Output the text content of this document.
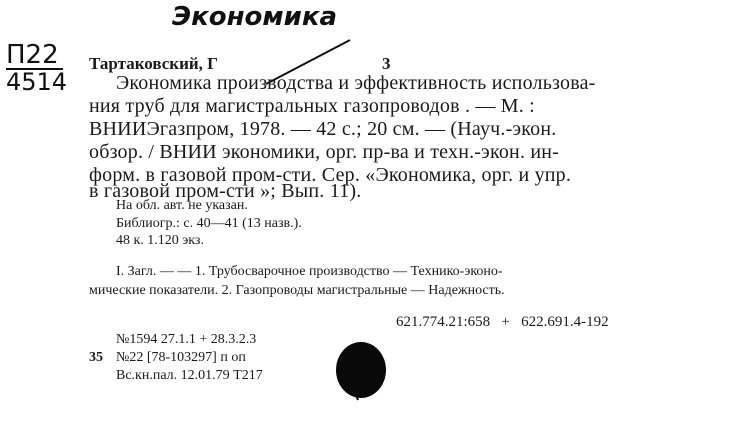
Экономика
П22
4514
Тартаковский, Г	3
Экономика производства и эффективность использова-
ния труб для магистральных газопроводов . — М. :
ВНИИЭгазпром, 1978. — 42 с.; 20 см. — (Науч.-экон.
обзор. / ВНИИ экономики, орг. пр-ва и техн.-экон. ин-
форм. в газовой пром-сти. Сер. «Экономика, орг. и упр.
в газовой пром-сти »; Вып. 11).
На обл. авт. не указан.
Библиогр.: с. 40—41 (13 назв.).
48 к. 1.120 экз.
I. Загл. — — 1. Трубосварочное производство — Технико-эконо-
мические показатели. 2. Газопроводы магистральные — Надежность.
621.774.21:658   +   622.691.4-192
№1594 27.1.1 + 28.3.2.3
35 №22 [78-103297] п оп
Вс.кн.пал. 12.01.79 Т217
